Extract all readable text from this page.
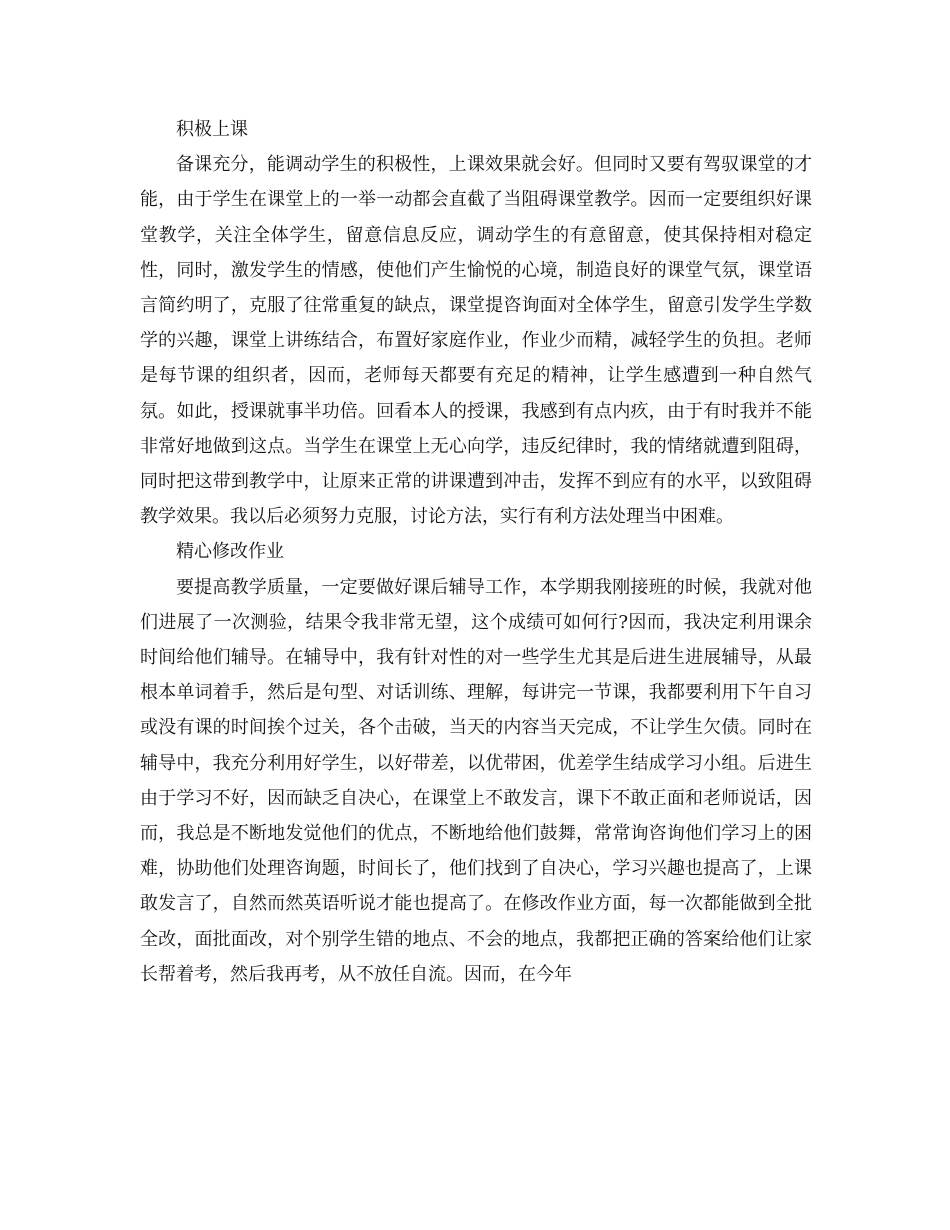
积极上课

备课充分，能调动学生的积极性，上课效果就会好。但同时又要有驾驭课堂的才能，由于学生在课堂上的一举一动都会直截了当阻碍课堂教学。因而一定要组织好课堂教学，关注全体学生，留意信息反应，调动学生的有意留意，使其保持相对稳定性，同时，激发学生的情感，使他们产生愉悦的心境，制造良好的课堂气氛，课堂语言简约明了，克服了往常重复的缺点，课堂提咨询面对全体学生，留意引发学生学数学的兴趣，课堂上讲练结合，布置好家庭作业，作业少而精，减轻学生的负担。老师是每节课的组织者，因而，老师每天都要有充足的精神，让学生感遭到一种自然气氛。如此，授课就事半功倍。回看本人的授课，我感到有点内疚，由于有时我并不能非常好地做到这点。当学生在课堂上无心向学，违反纪律时，我的情绪就遭到阻碍，同时把这带到教学中，让原来正常的讲课遭到冲击，发挥不到应有的水平，以致阻碍教学效果。我以后必须努力克服，讨论方法，实行有利方法处理当中困难。

精心修改作业

要提高教学质量，一定要做好课后辅导工作，本学期我刚接班的时候，我就对他们进展了一次测验，结果令我非常无望，这个成绩可如何行?因而，我决定利用课余时间给他们辅导。在辅导中，我有针对性的对一些学生尤其是后进生进展辅导，从最根本单词着手，然后是句型、对话训练、理解，每讲完一节课，我都要利用下午自习或没有课的时间挨个过关，各个击破，当天的内容当天完成，不让学生欠债。同时在辅导中，我充分利用好学生，以好带差，以优带困，优差学生结成学习小组。后进生由于学习不好，因而缺乏自决心，在课堂上不敢发言，课下不敢正面和老师说话，因而，我总是不断地发觉他们的优点，不断地给他们鼓舞，常常询咨询他们学习上的困难，协助他们处理咨询题，时间长了，他们找到了自决心，学习兴趣也提高了，上课敢发言了，自然而然英语听说才能也提高了。在修改作业方面，每一次都能做到全批全改，面批面改，对个别学生错的地点、不会的地点，我都把正确的答案给他们让家长帮着考，然后我再考，从不放任自流。因而，在今年
